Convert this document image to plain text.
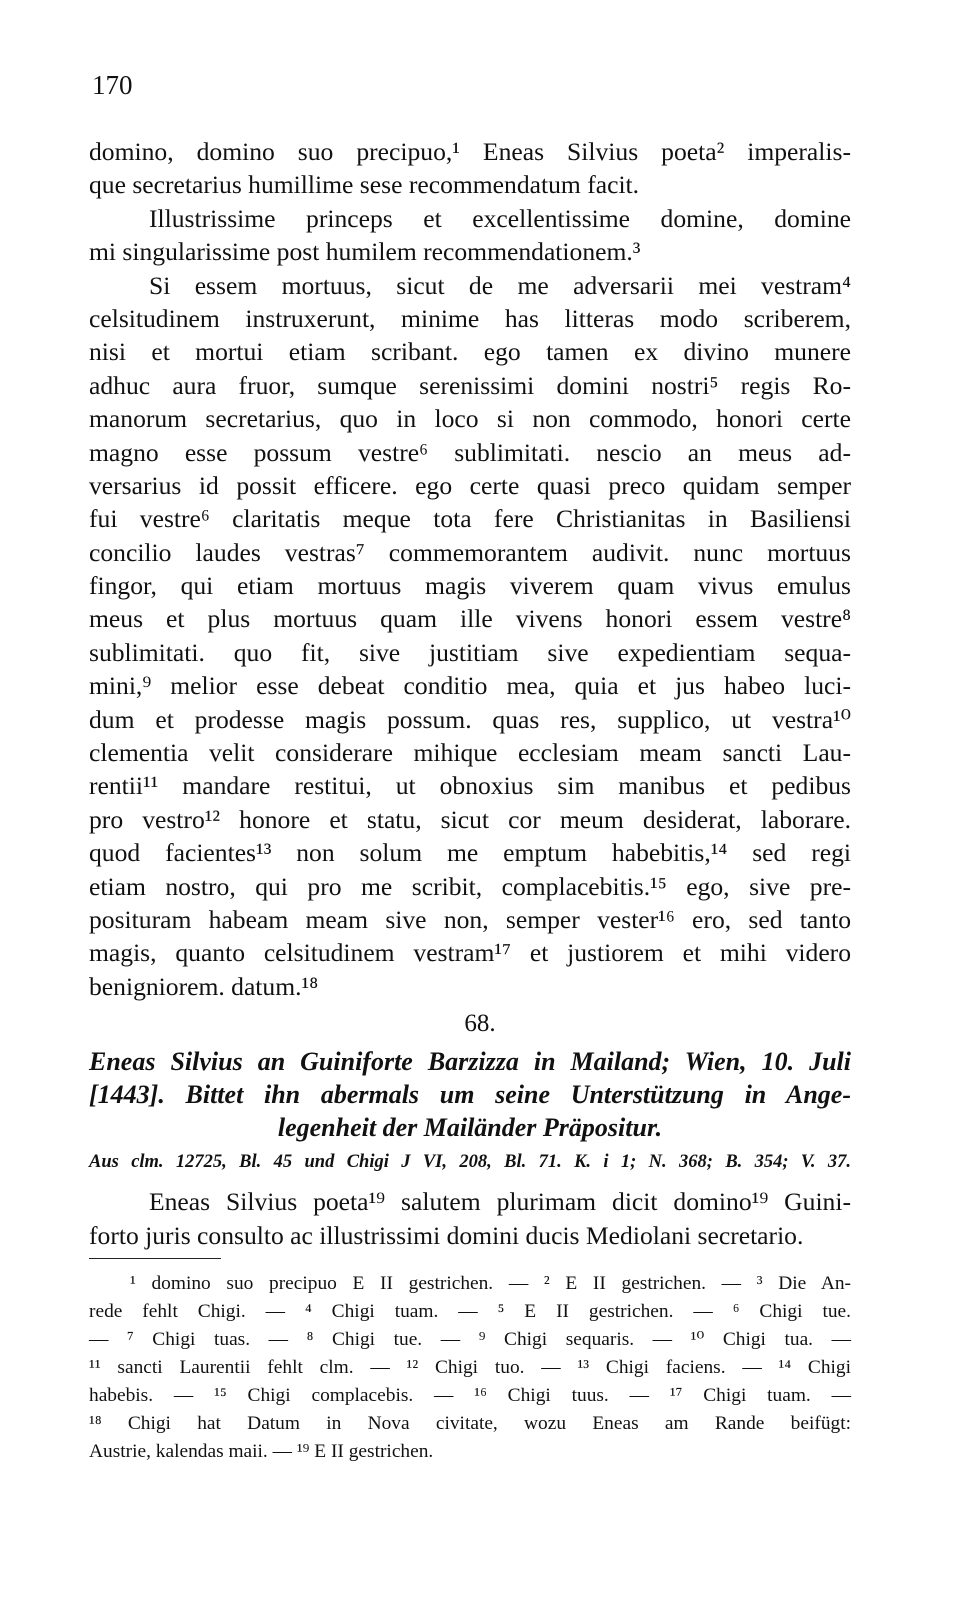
170
domino, domino suo precipuo,¹ Eneas Silvius poeta² imperalis-
que secretarius humillime sese recommendatum facit.
Illustrissime princeps et excellentissime domine, domine
mi singularissime post humilem recommendationem.³
Si essem mortuus, sicut de me adversarii mei vestram⁴
celsitudinem instruxerunt, minime has litteras modo scriberem,
nisi et mortui etiam scribant. ego tamen ex divino munere
adhuc aura fruor, sumque serenissimi domini nostri⁵ regis Ro-
manorum secretarius, quo in loco si non commodo, honori certe
magno esse possum vestre⁶ sublimitati. nescio an meus ad-
versarius id possit efficere. ego certe quasi preco quidam semper
fui vestre⁶ claritatis meque tota fere Christianitas in Basiliensi
concilio laudes vestras⁷ commemorantem audivit. nunc mortuus
fingor, qui etiam mortuus magis viverem quam vivus emulus
meus et plus mortuus quam ille vivens honori essem vestre⁸
sublimitati. quo fit, sive justitiam sive expedientiam sequa-
mini,⁹ melior esse debeat conditio mea, quia et jus habeo luci-
dum et prodesse magis possum. quas res, supplico, ut vestra¹⁰
clementia velit considerare mihique ecclesiam meam sancti Lau-
rentii¹¹ mandare restitui, ut obnoxius sim manibus et pedibus
pro vestro¹² honore et statu, sicut cor meum desiderat, laborare.
quod facientes¹³ non solum me emptum habebitis,¹⁴ sed regi
etiam nostro, qui pro me scribit, complacebitis.¹⁵ ego, sive pre-
posituram habeam meam sive non, semper vester¹⁶ ero, sed tanto
magis, quanto celsitudinem vestram¹⁷ et justiorem et mihi videro
benigniorem. datum.¹⁸
68.
Eneas Silvius an Guiniforte Barzizza in Mailand; Wien, 10. Juli
[1443]. Bittet ihn abermals um seine Unterstützung in Ange-
legenheit der Mailänder Präpositur.
Aus clm. 12725, Bl. 45 und Chigi J VI, 208, Bl. 71. K. i 1; N. 368; B. 354; V. 37.
Eneas Silvius poeta¹⁹ salutem plurimam dicit domino¹⁹ Guini-
forto juris consulto ac illustrissimi domini ducis Mediolani secretario.
¹ domino suo precipuo E II gestrichen. — ² E II gestrichen. — ³ Die An-
rede fehlt Chigi. — ⁴ Chigi tuam. — ⁵ E II gestrichen. — ⁶ Chigi tue.
— ⁷ Chigi tuas. — ⁸ Chigi tue. — ⁹ Chigi sequaris. — ¹⁰ Chigi tua. —
¹¹ sancti Laurentii fehlt clm. — ¹² Chigi tuo. — ¹³ Chigi faciens. — ¹⁴ Chigi
habebis. — ¹⁵ Chigi complacebis. — ¹⁶ Chigi tuus. — ¹⁷ Chigi tuam. —
¹⁸ Chigi hat Datum in Nova civitate, wozu Eneas am Rande beifügt:
Austrie, kalendas maii. — ¹⁹ E II gestrichen.
